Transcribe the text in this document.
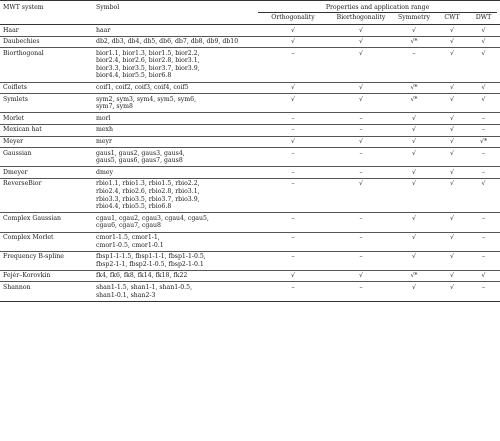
MWT system	Symbol	Properties and application range				

		Orthogonality	Biorthogonality	Symmetry	CWT	DWT
Haar	haar	√	√	√	√	√
Daubechies	db2, db3, db4, db5, db6, db7, db8, db9, db10	√	√	√*	√	√
Biorthogonal	bior1.1, bior1.3, bior1.5, bior2.2,
bior2.4, bior2.6, bior2.8, bior3.1,
bior3.3, bior3.5, bior3.7, bior3.9,
bior4.4, bior5.5, bior6.8	–	√	–	√	√
Coiflets	coif1, coif2, coif3, coif4, coif5	√	√	√*	√	√
Symlets	sym2, sym3, sym4, sym5, sym6,
sym7, sym8	√	√	√*	√	√
Morlet	morl	–	–	√	√	–
Mexican hat	mexh	–	–	√	√	–
Meyer	meyr	√	√	√	√	√*
Gaussian	gaus1, gaus2, gaus3, gaus4,
gaus5, gaus6, gaus7, gaus8	–	–	√	√	–
Dmeyer	dmey	–	–	√	√	–
ReverseBior	rbio1.1, rbio1.3, rbio1.5, rbio2.2,
rbio2.4, rbio2.6, rbio2.8, rbio3.1,
rbio3.3, rbio3.5, rbio3.7, rbio3.9,
rbio4.4, rbio5.5, rbio6.8	–	√	√	√	√
Complex Gaussian	cgau1, cgau2, cgau3, cgau4, cgau5,
cgau6, cgau7, cgau8	–	–	√	√	–
Complex Morlet	cmor1-1.5, cmor1-1,
cmor1-0.5, cmor1-0.1	–	–	√	√	–
Frequency B-spline	fbsp1-1-1.5, fbsp1-1-1, fbsp1-1-0.5,
fbsp2-1-1, fbsp2-1-0.5, fbsp2-1-0.1	–	–	√	√	–
Fejér–Korovkin	fk4, fk6, fk8, fk14, fk18, fk22	√	√	√*	√	√
Shannon	shan1-1.5, shan1-1, shan1-0.5,
shan1-0.1, shan2-3	–	–	√	√	–
